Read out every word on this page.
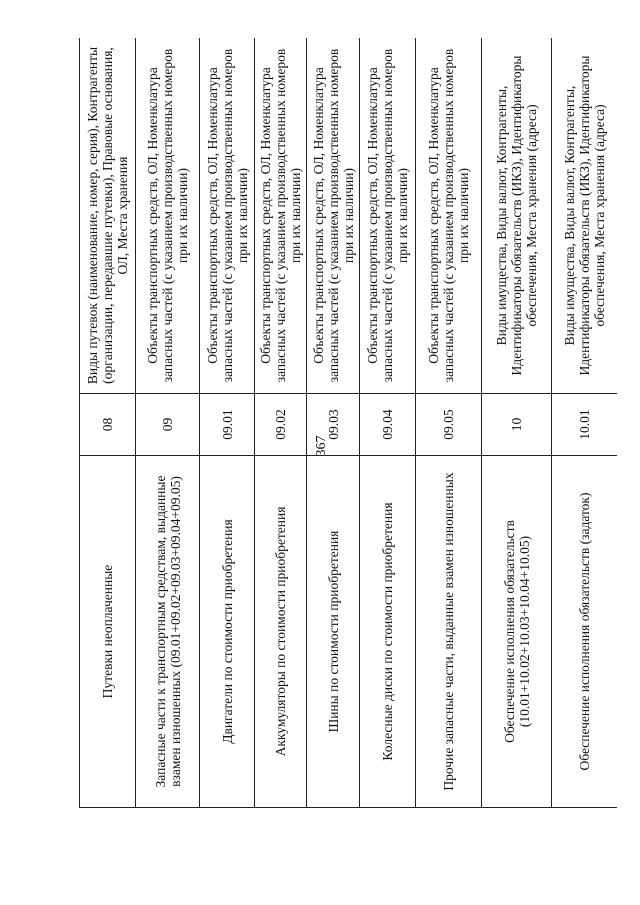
367
Путевки неоплаченные	08	Виды путевок (наименование, номер, серия), Контрагенты (организации, передавшие путевки), Правовые основания, ОЛ, Места хранения
Запасные части к транспортным средствам, выданные взамен изношенных (09.01+09.02+09.03+09.04+09.05)	09	Объекты транспортных средств, ОЛ, Номенклатура запасных частей (с указанием производственных номеров при их наличии)
Двигатели по стоимости приобретения	09.01	Объекты транспортных средств, ОЛ, Номенклатура запасных частей (с указанием производственных номеров при их наличии)
Аккумуляторы по стоимости приобретения	09.02	Объекты транспортных средств, ОЛ, Номенклатура запасных частей (с указанием производственных номеров при их наличии)
Шины по стоимости приобретения	09.03	Объекты транспортных средств, ОЛ, Номенклатура запасных частей (с указанием производственных номеров при их наличии)
Колесные диски по стоимости приобретения	09.04	Объекты транспортных средств, ОЛ, Номенклатура запасных частей (с указанием производственных номеров при их наличии)
Прочие запасные части, выданные взамен изношенных	09.05	Объекты транспортных средств, ОЛ, Номенклатура запасных частей (с указанием производственных номеров при их наличии)
Обеспечение исполнения обязательств (10.01+10.02+10.03+10.04+10.05)	10	Виды имущества, Виды валют, Контрагенты, Идентификаторы обязательств (ИКЗ), Идентификаторы обеспечения, Места хранения (адреса)
Обеспечение исполнения обязательств (задаток)	10.01	Виды имущества, Виды валют, Контрагенты, Идентификаторы обязательств (ИКЗ), Идентификаторы обеспечения, Места хранения (адреса)
